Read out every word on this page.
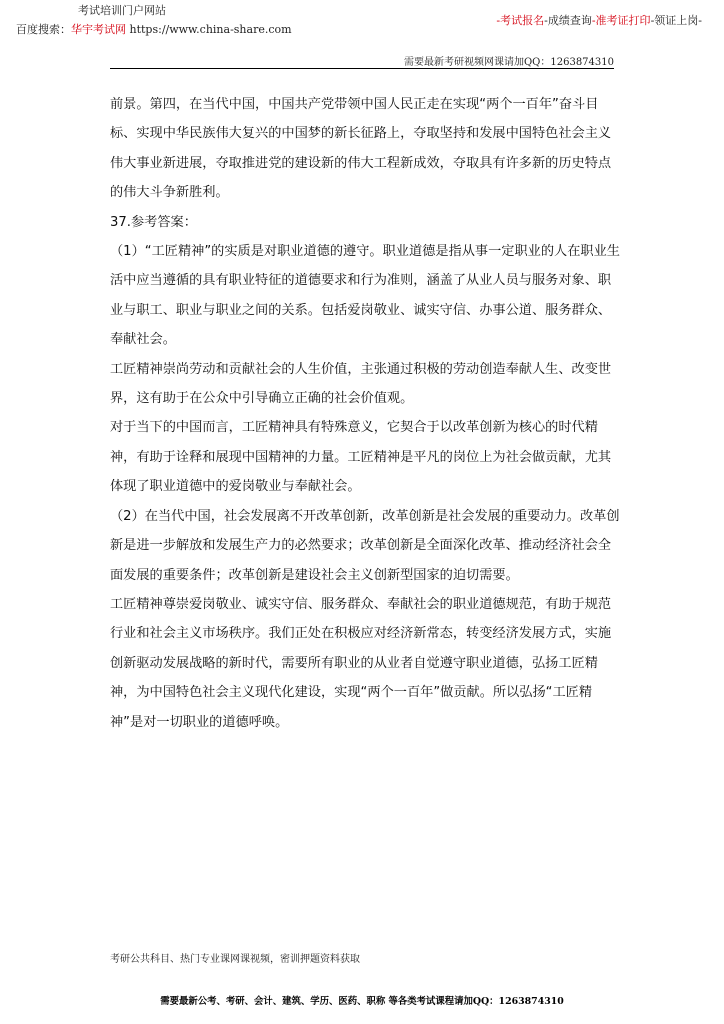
考试培训门户网站
百度搜索：华宇考试网 https://www.china-share.com
-考试报名-成绩查询-准考证打印-领证上岗-
需要最新考研视频网课请加QQ：1263874310

前景。第四，在当代中国，中国共产党带领中国人民正走在实现“两个一百年”奋斗目标、实现中华民族伟大复兴的中国梦的新长征路上，夺取坚持和发展中国特色社会主义伟大事业新进展，夺取推进党的建设新的伟大工程新成效，夺取具有许多新的历史特点的伟大斗争新胜利。

37.参考答案：

（1）“工匠精神”的实质是对职业道德的遵守。职业道德是指从事一定职业的人在职业生活中应当遵循的具有职业特征的道德要求和行为准则，涵盖了从业人员与服务对象、职业与职工、职业与职业之间的关系。包括爱岗敬业、诚实守信、办事公道、服务群众、奉献社会。

工匠精神崇尚劳动和贡献社会的人生价值，主张通过积极的劳动创造奉献人生、改变世界，这有助于在公众中引导确立正确的社会价值观。

对于当下的中国而言，工匠精神具有特殊意义，它契合于以改革创新为核心的时代精神，有助于诠释和展现中国精神的力量。工匠精神是平凡的岗位上为社会做贡献，尤其体现了职业道德中的爱岗敬业与奉献社会。

（2）在当代中国，社会发展离不开改革创新，改革创新是社会发展的重要动力。改革创新是进一步解放和发展生产力的必然要求；改革创新是全面深化改革、推动经济社会全面发展的重要条件；改革创新是建设社会主义创新型国家的迫切需要。

工匠精神尊崇爱岗敬业、诚实守信、服务群众、奉献社会的职业道德规范，有助于规范行业和社会主义市场秩序。我们正处在积极应对经济新常态，转变经济发展方式，实施创新驱动发展战略的新时代，需要所有职业的从业者自觉遵守职业道德，弘扬工匠精神，为中国特色社会主义现代化建设，实现“两个一百年”做贡献。所以弘扬“工匠精神”是对一切职业的道德呼唤。

考研公共科目、热门专业课网课视频，密训押题资料获取
需要最新公考、考研、会计、建筑、学历、医药、职称 等各类考试课程请加QQ：1263874310
